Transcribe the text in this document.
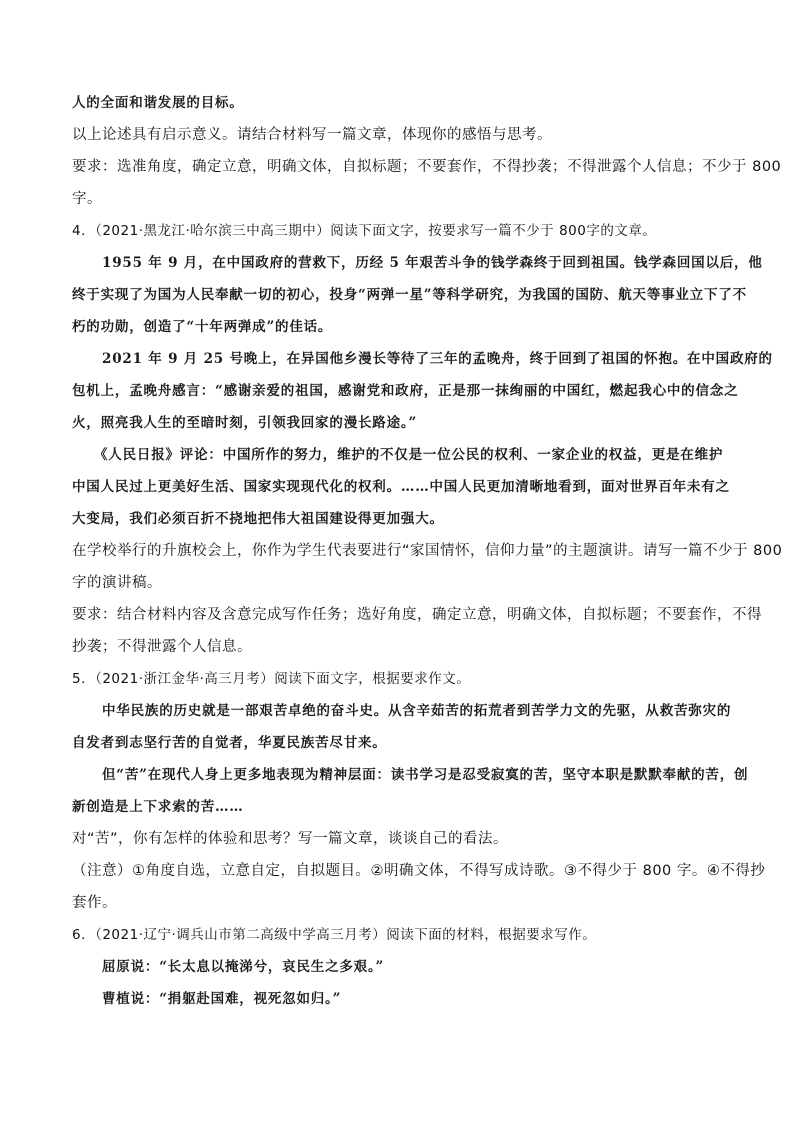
人的全面和谐发展的目标。
以上论述具有启示意义。请结合材料写一篇文章，体现你的感悟与思考。
要求：选准角度，确定立意，明确文体，自拟标题；不要套作，不得抄袭；不得泄露个人信息；不少于 800
字。
4．（2021·黑龙江·哈尔滨三中高三期中）阅读下面文字，按要求写一篇不少于 800字的文章。
1955 年 9 月，在中国政府的营救下，历经 5 年艰苦斗争的钱学森终于回到祖国。钱学森回国以后，他
终于实现了为国为人民奉献一切的初心，投身“两弹一星”等科学研究，为我国的国防、航天等事业立下了不
朽的功勋，创造了“十年两弹成”的佳话。
2021 年 9 月 25 号晚上，在异国他乡漫长等待了三年的孟晚舟，终于回到了祖国的怀抱。在中国政府的
包机上，孟晚舟感言：“感谢亲爱的祖国，感谢党和政府，正是那一抹绚丽的中国红，燃起我心中的信念之
火，照亮我人生的至暗时刻，引领我回家的漫长路途。”
《人民日报》评论：中国所作的努力，维护的不仅是一位公民的权利、一家企业的权益，更是在维护
中国人民过上更美好生活、国家实现现代化的权利。……中国人民更加清晰地看到，面对世界百年未有之
大变局，我们必须百折不挠地把伟大祖国建设得更加强大。
在学校举行的升旗校会上，你作为学生代表要进行“家国情怀，信仰力量”的主题演讲。请写一篇不少于 800
字的演讲稿。
要求：结合材料内容及含意完成写作任务；选好角度，确定立意，明确文体，自拟标题；不要套作，不得
抄袭；不得泄露个人信息。
5．（2021·浙江金华·高三月考）阅读下面文字，根据要求作文。
中华民族的历史就是一部艰苦卓绝的奋斗史。从含辛茹苦的拓荒者到苦学力文的先驱，从救苦弥灾的
自发者到志坚行苦的自觉者，华夏民族苦尽甘来。
但“苦”在现代人身上更多地表现为精神层面：读书学习是忍受寂寞的苦，坚守本职是默默奉献的苦，创
新创造是上下求索的苦……
对“苦”，你有怎样的体验和思考？写一篇文章，谈谈自己的看法。
（注意）①角度自选，立意自定，自拟题目。②明确文体，不得写成诗歌。③不得少于 800 字。④不得抄
套作。
6．（2021·辽宁·调兵山市第二高级中学高三月考）阅读下面的材料，根据要求写作。
屈原说：“长太息以掩涕兮，哀民生之多艰。”
曹植说：“捐躯赴国难，视死忽如归。”
